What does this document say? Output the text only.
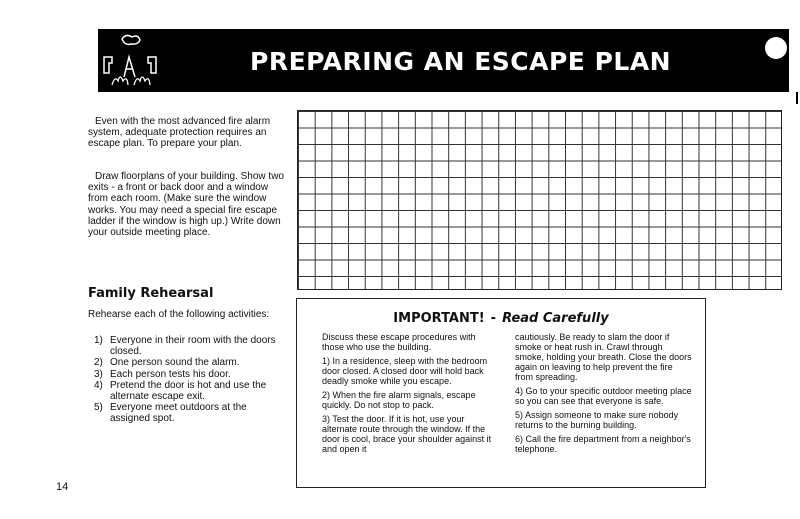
PREPARING AN ESCAPE PLAN

Even with the most advanced fire alarm system, adequate protection requires an escape plan. To prepare your plan.

Draw floorplans of your building. Show two exits - a front or back door and a window from each room. (Make sure the window works. You may need a special fire escape ladder if the window is high up.) Write down your outside meeting place.

Family Rehearsal
Rehearse each of the following activities:
1) Everyone in their room with the doors closed.
2) One person sound the alarm.
3) Each person tests his door.
4) Pretend the door is hot and use the alternate escape exit.
5) Everyone meet outdoors at the assigned spot.
IMPORTANT! - Read Carefully

Discuss these escape procedures with those who use the building.

1) In a residence, sleep with the bedroom door closed. A closed door will hold back deadly smoke while you escape.

2) When the fire alarm signals, escape quickly. Do not stop to pack.

3) Test the door. If it is hot, use your alternate route through the window. If the door is cool, brace your shoulder against it and open it

cautiously. Be ready to slam the door if smoke or heat rush in. Crawl through smoke, holding your breath. Close the doors again on leaving to help prevent the fire from spreading.

4) Go to your specific outdoor meeting place so you can see that everyone is safe.

5) Assign someone to make sure nobody returns to the burning building.

6) Call the fire department from a neighbor's telephone.

14
